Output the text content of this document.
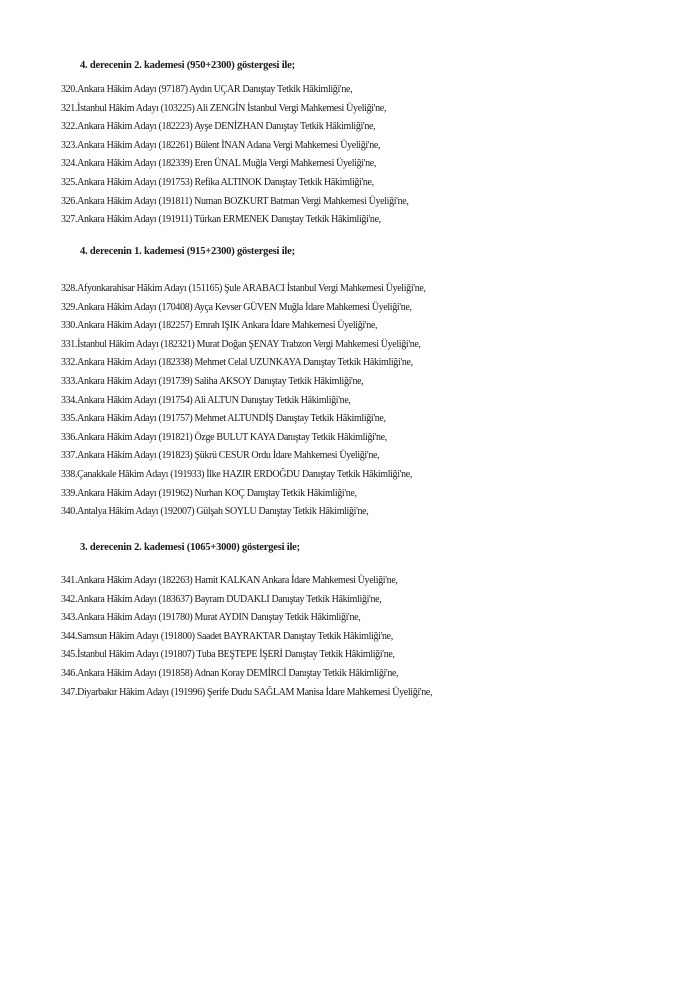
4. derecenin 2. kademesi (950+2300) göstergesi ile;
320.Ankara Hâkim Adayı (97187) Aydın UÇAR Danıştay Tetkik Hâkimliği'ne,
321.İstanbul Hâkim Adayı (103225) Ali ZENGİN İstanbul Vergi Mahkemesi Üyeliği'ne,
322.Ankara Hâkim Adayı (182223) Ayşe DENİZHAN Danıştay Tetkik Hâkimliği'ne,
323.Ankara Hâkim Adayı (182261) Bülent İNAN Adana Vergi Mahkemesi Üyeliği'ne,
324.Ankara Hâkim Adayı (182339) Eren ÜNAL Muğla Vergi Mahkemesi Üyeliği'ne,
325.Ankara Hâkim Adayı (191753) Refika ALTINOK Danıştay Tetkik Hâkimliği'ne,
326.Ankara Hâkim Adayı (191811) Numan BOZKURT Batman Vergi Mahkemesi Üyeliği'ne,
327.Ankara Hâkim Adayı (191911) Türkan ERMENEK Danıştay Tetkik Hâkimliği'ne,
4. derecenin 1. kademesi (915+2300) göstergesi ile;
328.Afyonkarahisar Hâkim Adayı (151165) Şule ARABACI İstanbul Vergi Mahkemesi Üyeliği'ne,
329.Ankara Hâkim Adayı (170408) Ayça Kevser GÜVEN Muğla İdare Mahkemesi Üyeliği'ne,
330.Ankara Hâkim Adayı (182257) Emrah IŞIK Ankara İdare Mahkemesi Üyeliği'ne,
331.İstanbul Hâkim Adayı (182321) Murat Doğan ŞENAY Trabzon Vergi Mahkemesi Üyeliği'ne,
332.Ankara Hâkim Adayı (182338) Mehmet Celal UZUNKAYA Danıştay Tetkik Hâkimliği'ne,
333.Ankara Hâkim Adayı (191739) Saliha AKSOY Danıştay Tetkik Hâkimliği'ne,
334.Ankara Hâkim Adayı (191754) Ali ALTUN Danıştay Tetkik Hâkimliği'ne,
335.Ankara Hâkim Adayı (191757) Mehmet ALTUNDİŞ Danıştay Tetkik Hâkimliği'ne,
336.Ankara Hâkim Adayı (191821) Özge BULUT KAYA Danıştay Tetkik Hâkimliği'ne,
337.Ankara Hâkim Adayı (191823) Şükrü CESUR Ordu İdare Mahkemesi Üyeliği'ne,
338.Çanakkale Hâkim Adayı (191933) İlke HAZIR ERDOĞDU Danıştay Tetkik Hâkimliği'ne,
339.Ankara Hâkim Adayı (191962) Nurhan KOÇ Danıştay Tetkik Hâkimliği'ne,
340.Antalya Hâkim Adayı (192007) Gülşah SOYLU Danıştay Tetkik Hâkimliği'ne,
3. derecenin 2. kademesi (1065+3000) göstergesi ile;
341.Ankara Hâkim Adayı (182263) Hamit KALKAN Ankara İdare Mahkemesi Üyeliği'ne,
342.Ankara Hâkim Adayı (183637) Bayram DUDAKLI Danıştay Tetkik Hâkimliği'ne,
343.Ankara Hâkim Adayı (191780) Murat AYDIN Danıştay Tetkik Hâkimliği'ne,
344.Samsun Hâkim Adayı (191800) Saadet BAYRAKTAR Danıştay Tetkik Hâkimliği'ne,
345.İstanbul Hâkim Adayı (191807) Tuba BEŞTEPE İŞERİ Danıştay Tetkik Hâkimliği'ne,
346.Ankara Hâkim Adayı (191858) Adnan Koray DEMİRCİ Danıştay Tetkik Hâkimliği'ne,
347.Diyarbakır Hâkim Adayı (191996) Şerife Dudu SAĞLAM Manisa İdare Mahkemesi Üyeliği'ne,
